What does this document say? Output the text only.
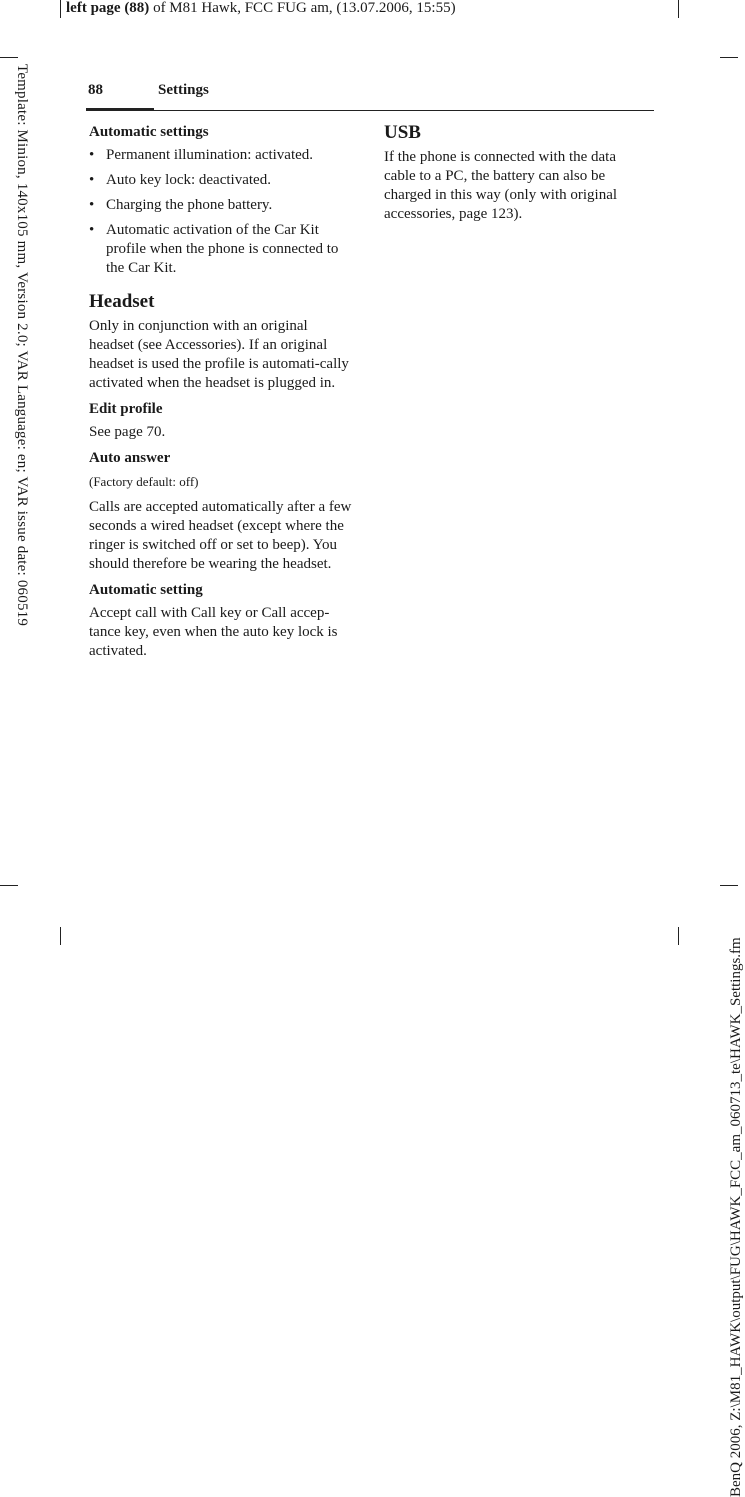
left page (88) of M81 Hawk, FCC FUG am, (13.07.2006, 15:55)
Template: Minion, 140x105 mm, Version 2.0; VAR Language: en; VAR issue date: 060519
BenQ 2006, Z:\M81_HAWK\output\FUG\HAWK_FCC_am_060713_te\HAWK_Settings.fm
88	Settings
Automatic settings
• Permanent illumination: activated.
• Auto key lock: deactivated.
• Charging the phone battery.
• Automatic activation of the Car Kit profile when the phone is connected to the Car Kit.
Headset

Only in conjunction with an original headset (see Accessories). If an original headset is used the profile is automati-cally activated when the headset is plugged in.

Edit profile

See page 70.

Auto answer

(Factory default: off)

Calls are accepted automatically after a few seconds a wired headset (except where the ringer is switched off or set to beep). You should therefore be wearing the headset.

Automatic setting

Accept call with Call key or Call accep-tance key, even when the auto key lock is activated.

USB

If the phone is connected with the data cable to a PC, the battery can also be charged in this way (only with original accessories, page 123).
